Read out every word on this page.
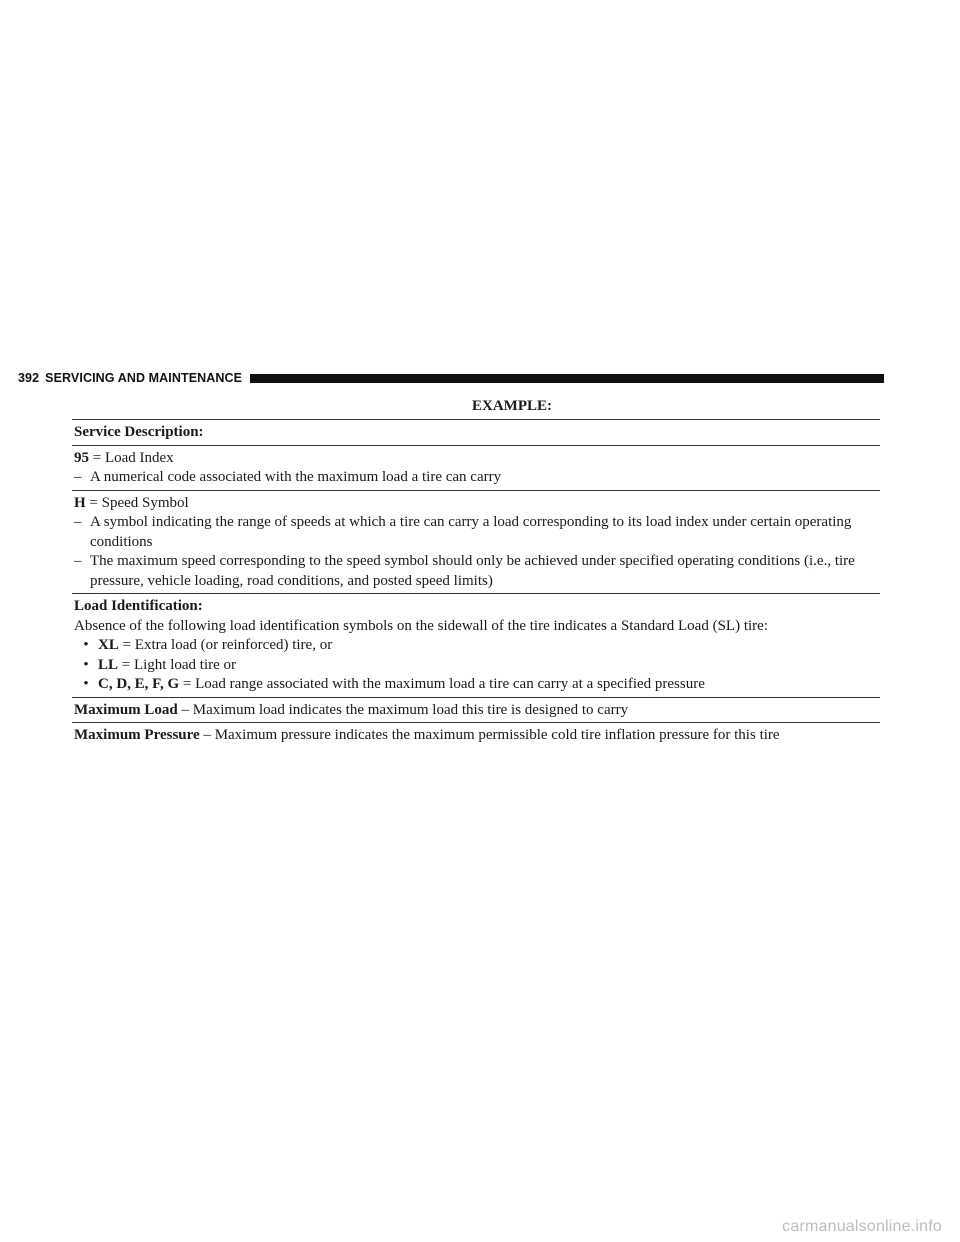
392 SERVICING AND MAINTENANCE
EXAMPLE:
Service Description:
95 = Load Index
– A numerical code associated with the maximum load a tire can carry
H = Speed Symbol
– A symbol indicating the range of speeds at which a tire can carry a load corresponding to its load index under certain operating conditions
– The maximum speed corresponding to the speed symbol should only be achieved under specified operating conditions (i.e., tire pressure, vehicle loading, road conditions, and posted speed limits)
Load Identification:
Absence of the following load identification symbols on the sidewall of the tire indicates a Standard Load (SL) tire:
• XL = Extra load (or reinforced) tire, or
• LL = Light load tire or
• C, D, E, F, G = Load range associated with the maximum load a tire can carry at a specified pressure
Maximum Load – Maximum load indicates the maximum load this tire is designed to carry
Maximum Pressure – Maximum pressure indicates the maximum permissible cold tire inflation pressure for this tire
carmanualsonline.info
